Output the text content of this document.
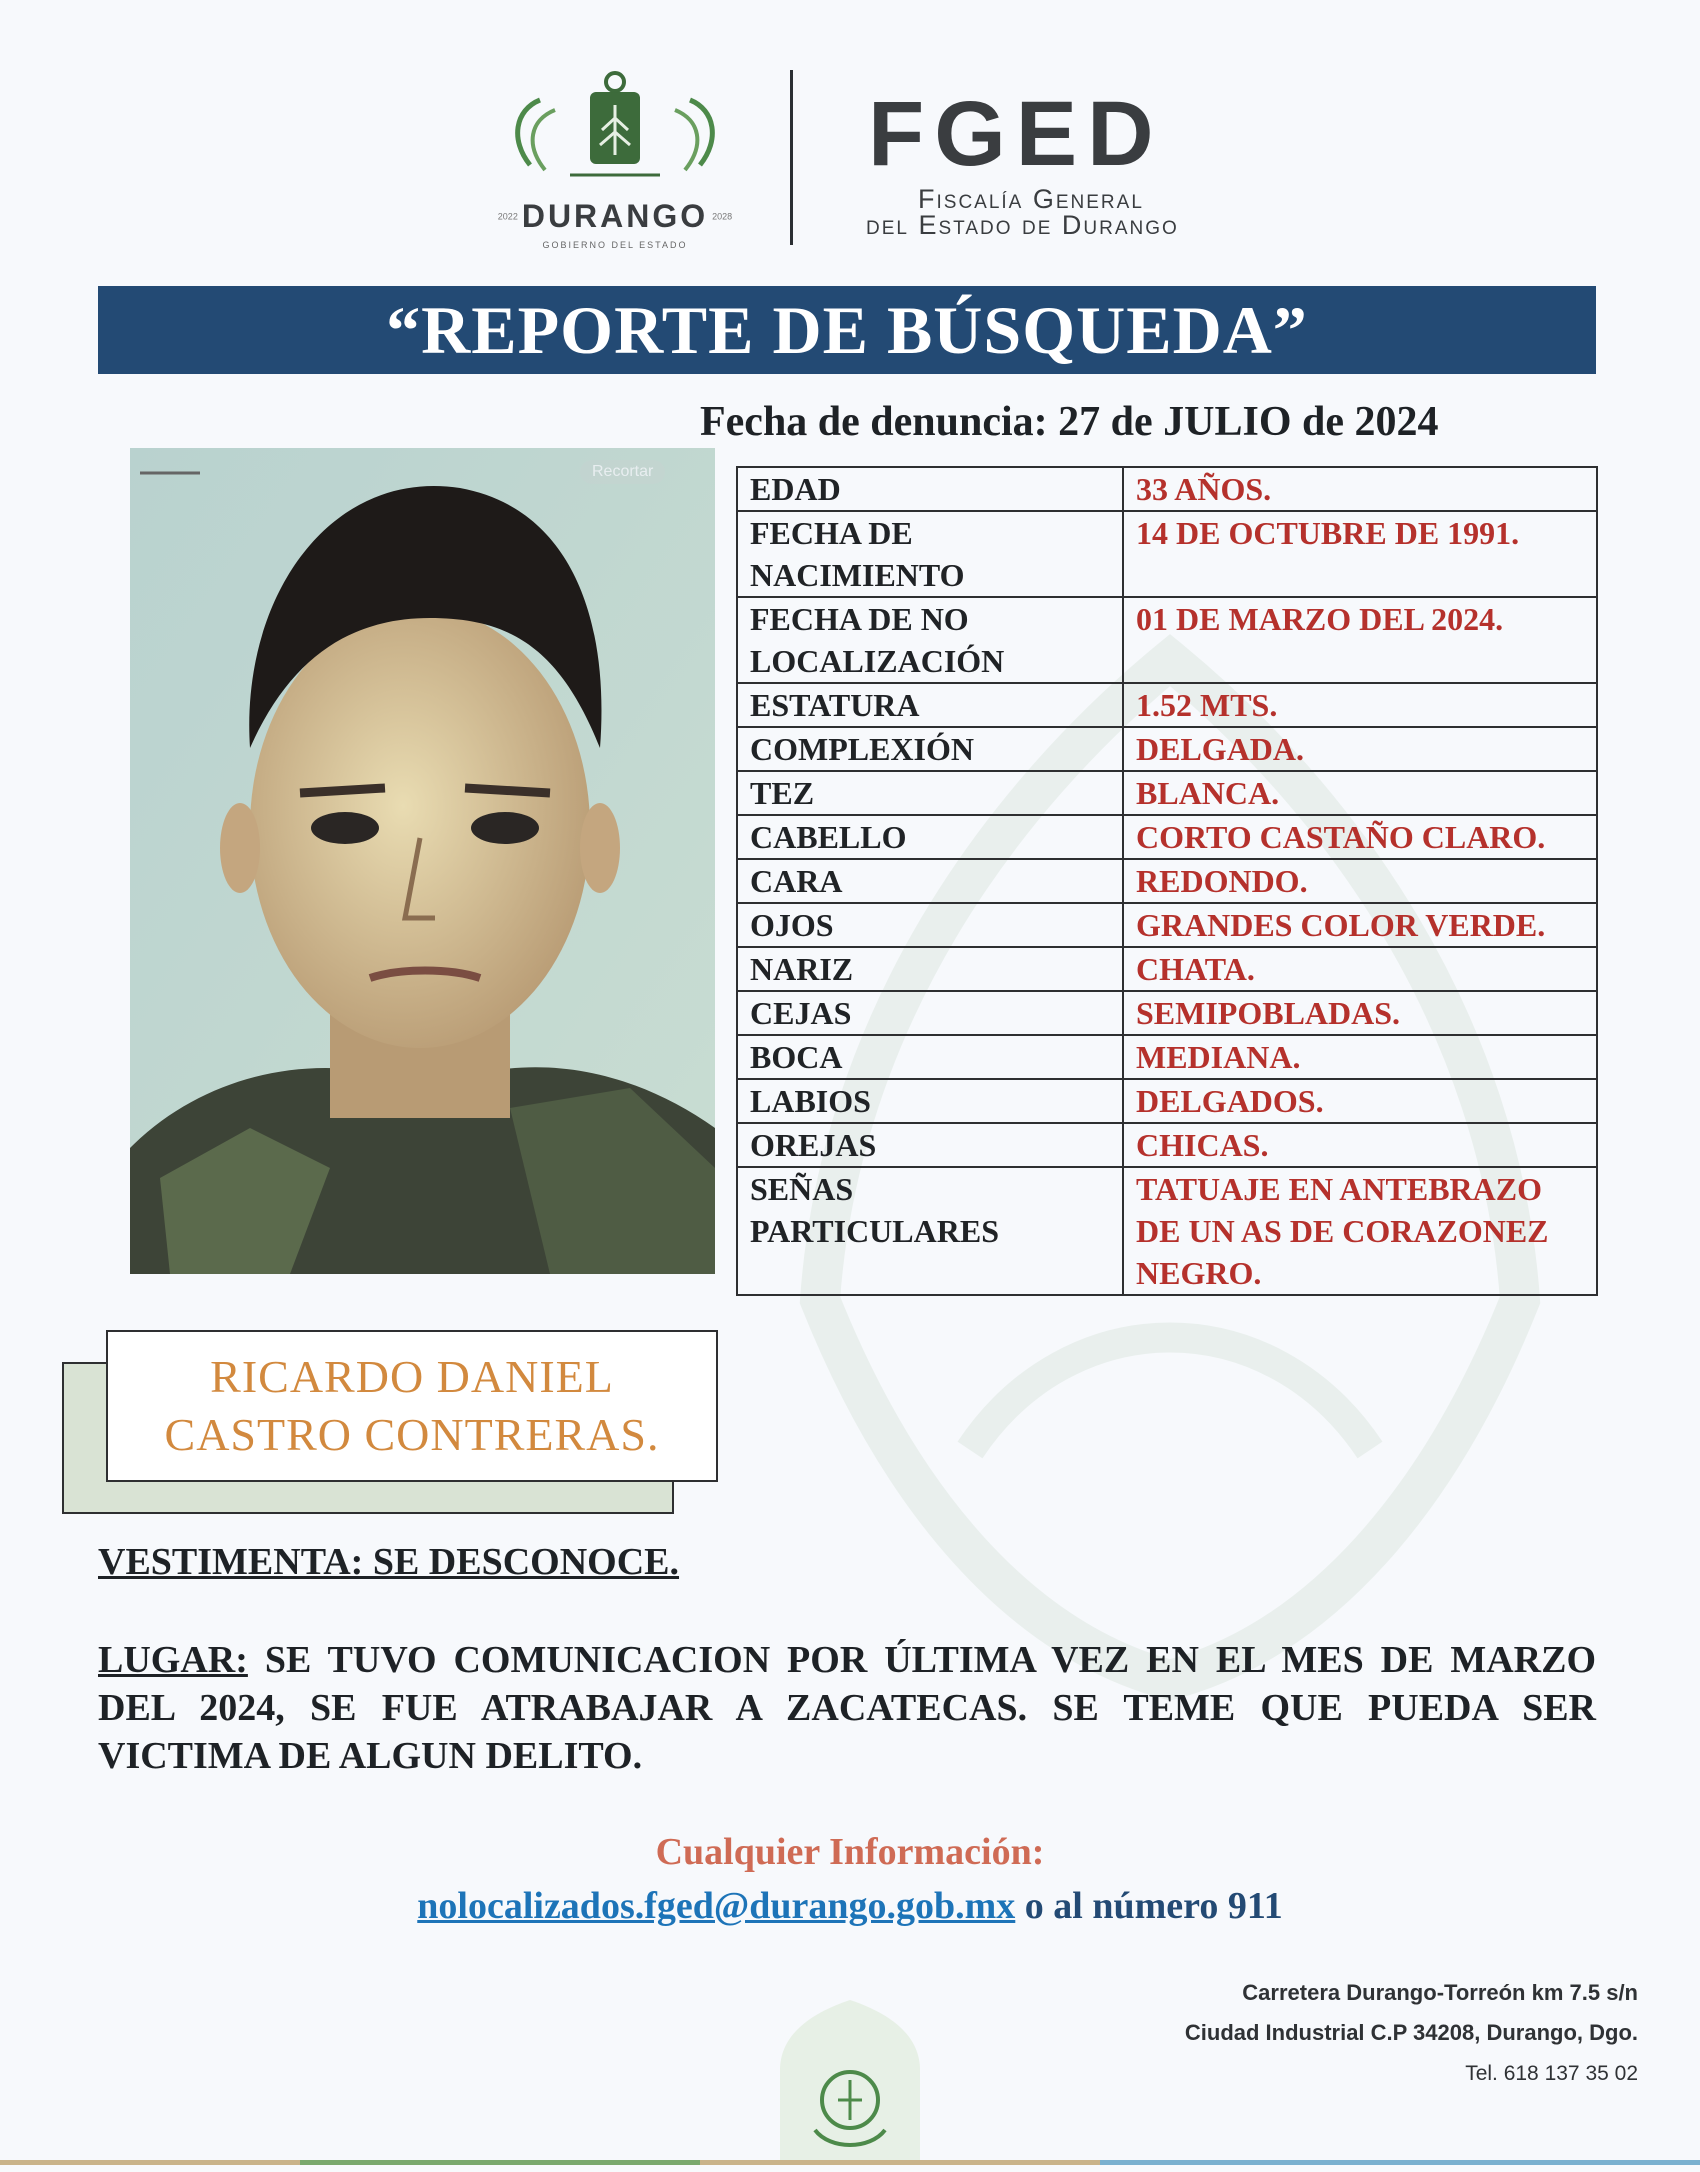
2022 DURANGO 2028
GOBIERNO DEL ESTADO
FGED
Fiscalía General
del Estado de Durango
“REPORTE DE BÚSQUEDA”
Fecha de denuncia: 27 de JULIO de 2024
Recortar	EDAD	33 AÑOS.
FECHA DE NACIMIENTO	14 DE OCTUBRE DE 1991.
FECHA DE NO LOCALIZACIÓN	01 DE MARZO DEL 2024.
ESTATURA	1.52 MTS.
COMPLEXIÓN	DELGADA.
TEZ	BLANCA.
CABELLO	CORTO CASTAÑO CLARO.
CARA	REDONDO.
OJOS	GRANDES COLOR VERDE.
NARIZ	CHATA.
CEJAS	SEMIPOBLADAS.
BOCA	MEDIANA.
LABIOS	DELGADOS.
OREJAS	CHICAS.
SEÑAS PARTICULARES	TATUAJE EN ANTEBRAZO DE UN AS DE CORAZONEZ NEGRO.
RICARDO DANIEL
CASTRO CONTRERAS.
VESTIMENTA: SE DESCONOCE.
LUGAR: SE TUVO COMUNICACION POR ÚLTIMA VEZ EN EL MES DE MARZO DEL 2024, SE FUE ATRABAJAR A ZACATECAS. SE TEME QUE PUEDA SER VICTIMA DE ALGUN DELITO.
Cualquier Información:
nolocalizados.fged@durango.gob.mx o al número 911
Carretera Durango-Torreón km 7.5 s/n
Ciudad Industrial C.P 34208, Durango, Dgo.
Tel. 618 137 35 02
